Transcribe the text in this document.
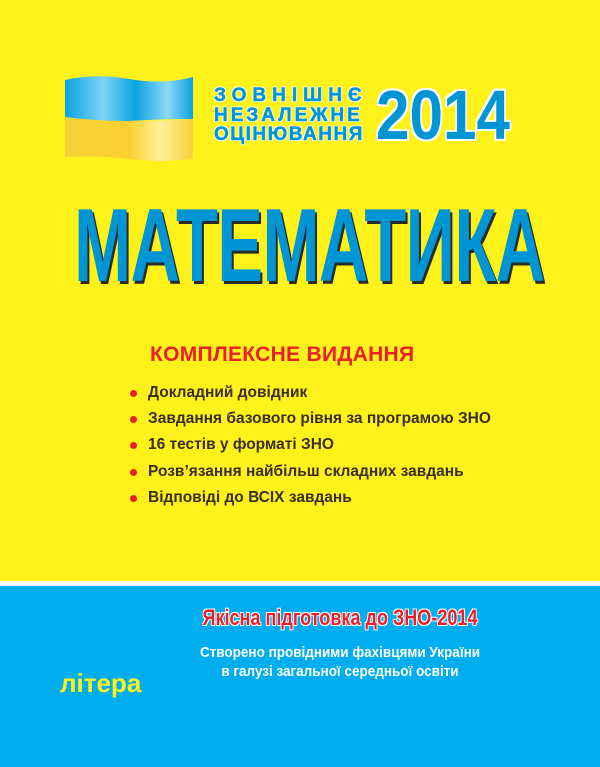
ЗОВНІШНЄ
НЕЗАЛЕЖНЕ
ОЦІНЮВАННЯ 2014
МАТЕМАТИКА
КОМПЛЕКСНЕ ВИДАННЯ
Докладний довідник
Завдання базового рівня за програмою ЗНО
16 тестів у форматі ЗНО
Розв’язання найбільш складних завдань
Відповіді до ВСІХ завдань
Якісна підготовка до ЗНО-2014
Створено провідними фахівцями України
в галузі загальної середньої освіти
літера
